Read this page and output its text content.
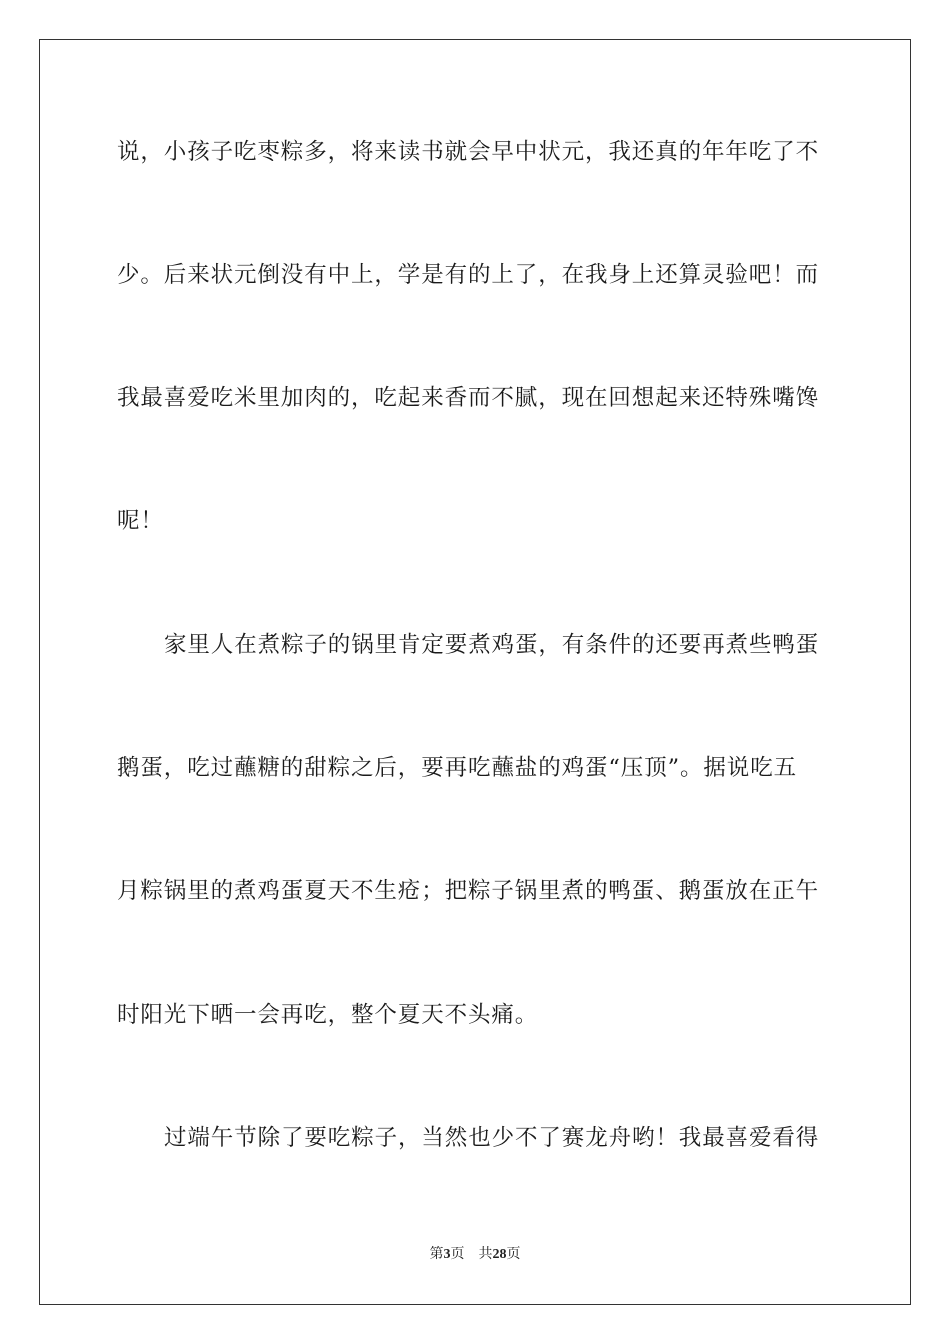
说，小孩子吃枣粽多，将来读书就会早中状元，我还真的年年吃了不
少。后来状元倒没有中上，学是有的上了，在我身上还算灵验吧！而
我最喜爱吃米里加肉的，吃起来香而不腻，现在回想起来还特殊嘴馋
呢！
家里人在煮粽子的锅里肯定要煮鸡蛋，有条件的还要再煮些鸭蛋
鹅蛋，吃过蘸糖的甜粽之后，要再吃蘸盐的鸡蛋“压顶”。据说吃五
月粽锅里的煮鸡蛋夏天不生疮；把粽子锅里煮的鸭蛋、鹅蛋放在正午
时阳光下晒一会再吃，整个夏天不头痛。
过端午节除了要吃粽子，当然也少不了赛龙舟哟！我最喜爱看得
第3页 共28页
